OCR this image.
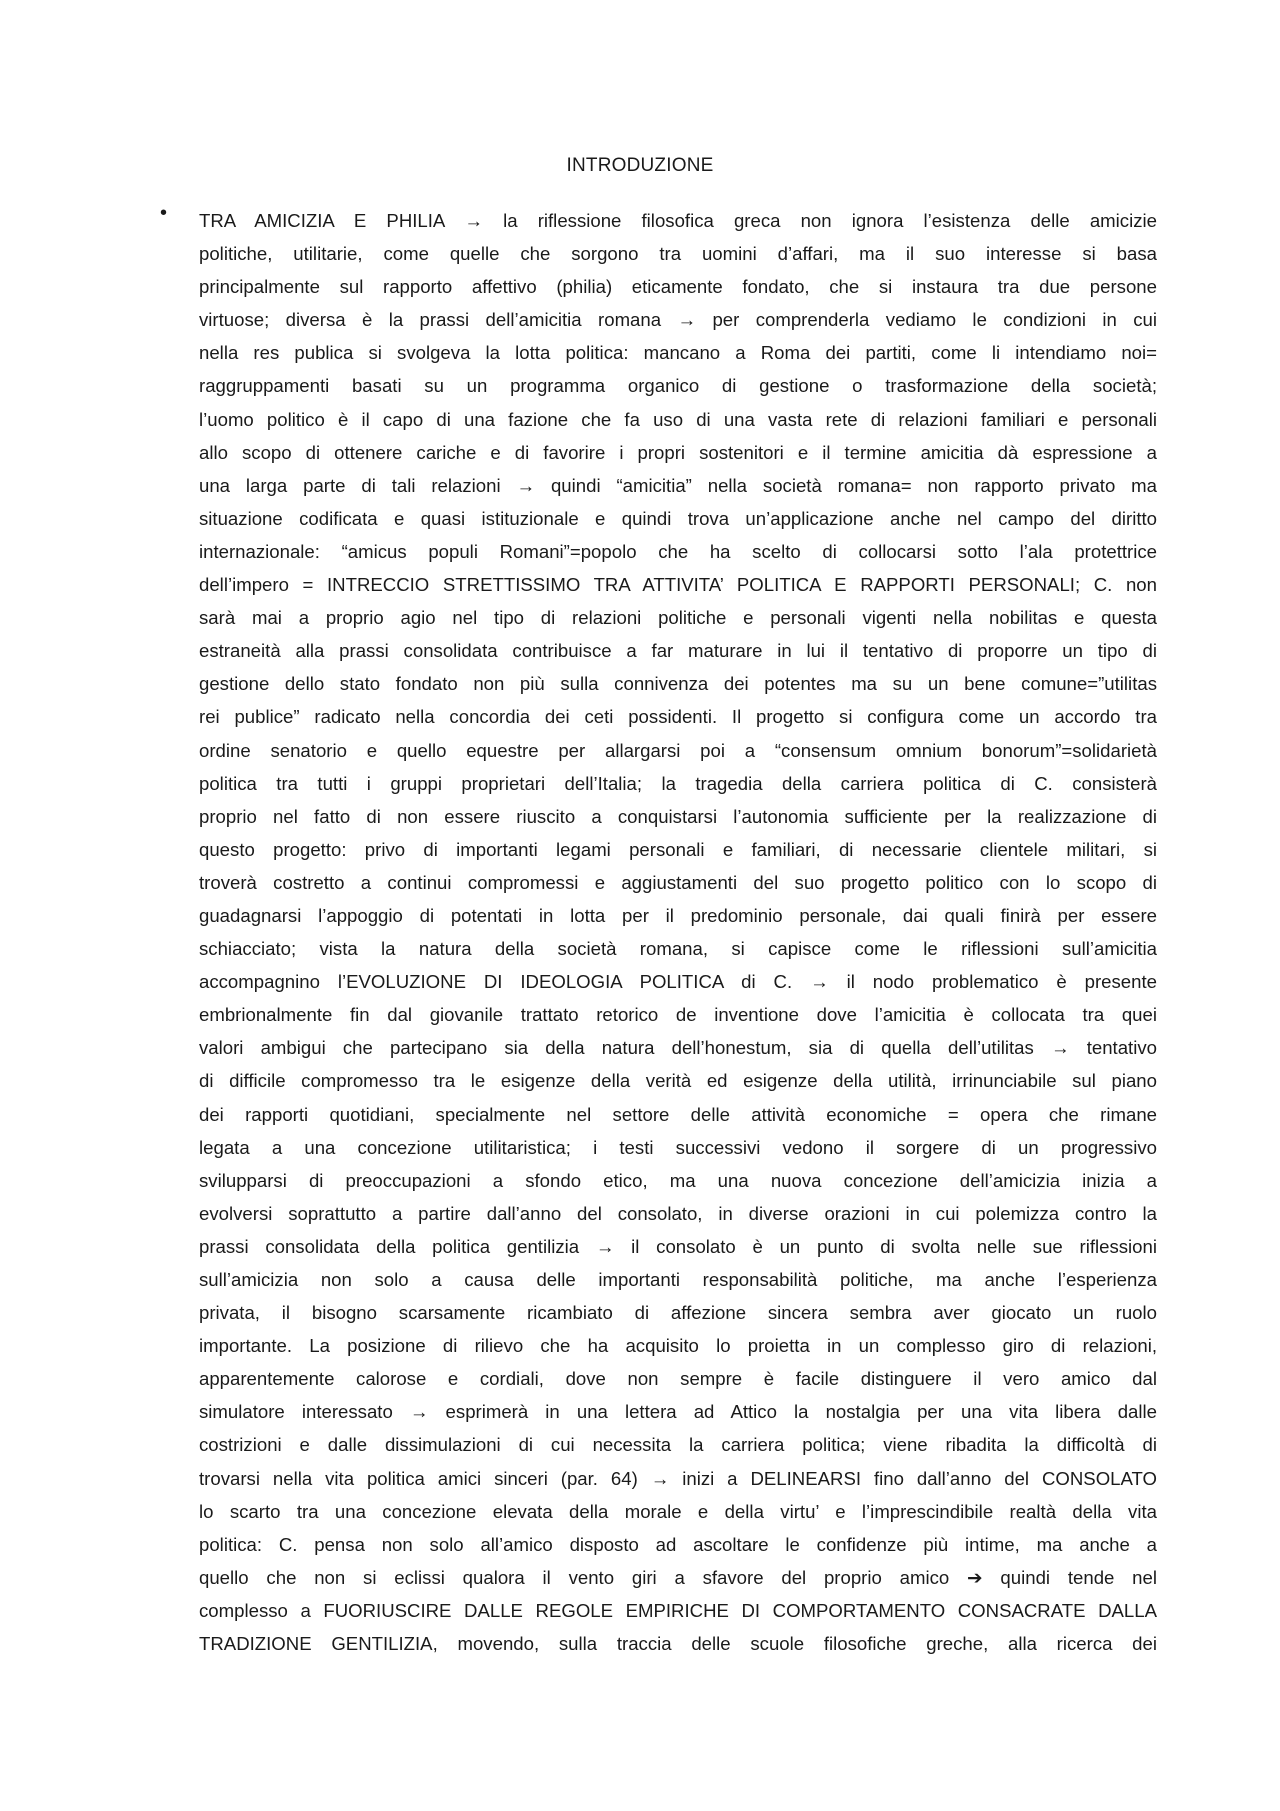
INTRODUZIONE
• TRA AMICIZIA E PHILIA → la riflessione filosofica greca non ignora l’esistenza delle amicizie
politiche, utilitarie, come quelle che sorgono tra uomini d’affari, ma il suo interesse si basa
principalmente sul rapporto affettivo (philia) eticamente fondato, che si instaura tra due persone
virtuose; diversa è la prassi dell’amicitia romana → per comprenderla vediamo le condizioni in cui
nella res publica si svolgeva la lotta politica: mancano a Roma dei partiti, come li intendiamo noi=
raggruppamenti basati su un programma organico di gestione o trasformazione della società;
l’uomo politico è il capo di una fazione che fa uso di una vasta rete di relazioni familiari e personali
allo scopo di ottenere cariche e di favorire i propri sostenitori e il termine amicitia dà espressione a
una larga parte di tali relazioni → quindi “amicitia” nella società romana= non rapporto privato ma
situazione codificata e quasi istituzionale e quindi trova un’applicazione anche nel campo del diritto
internazionale: “amicus populi Romani”=popolo che ha scelto di collocarsi sotto l’ala protettrice
dell’impero = INTRECCIO STRETTISSIMO TRA ATTIVITA’ POLITICA E RAPPORTI PERSONALI; C. non
sarà mai a proprio agio nel tipo di relazioni politiche e personali vigenti nella nobilitas e questa
estraneità alla prassi consolidata contribuisce a far maturare in lui il tentativo di proporre un tipo di
gestione dello stato fondato non più sulla connivenza dei potentes ma su un bene comune=”utilitas
rei publice” radicato nella concordia dei ceti possidenti. Il progetto si configura come un accordo tra
ordine senatorio e quello equestre per allargarsi poi a “consensum omnium bonorum”=solidarietà
politica tra tutti i gruppi proprietari dell’Italia; la tragedia della carriera politica di C. consisterà
proprio nel fatto di non essere riuscito a conquistarsi l’autonomia sufficiente per la realizzazione di
questo progetto: privo di importanti legami personali e familiari, di necessarie clientele militari, si
troverà costretto a continui compromessi e aggiustamenti del suo progetto politico con lo scopo di
guadagnarsi l’appoggio di potentati in lotta per il predominio personale, dai quali finirà per essere
schiacciato; vista la natura della società romana, si capisce come le riflessioni sull’amicitia
accompagnino l’EVOLUZIONE DI IDEOLOGIA POLITICA di C. → il nodo problematico è presente
embrionalmente fin dal giovanile trattato retorico de inventione dove l’amicitia è collocata tra quei
valori ambigui che partecipano sia della natura dell’honestum, sia di quella dell’utilitas → tentativo
di difficile compromesso tra le esigenze della verità ed esigenze della utilità, irrinunciabile sul piano
dei rapporti quotidiani, specialmente nel settore delle attività economiche = opera che rimane
legata a una concezione utilitaristica; i testi successivi vedono il sorgere di un progressivo
svilupparsi di preoccupazioni a sfondo etico, ma una nuova concezione dell’amicizia inizia a
evolversi soprattutto a partire dall’anno del consolato, in diverse orazioni in cui polemizza contro la
prassi consolidata della politica gentilizia → il consolato è un punto di svolta nelle sue riflessioni
sull’amicizia non solo a causa delle importanti responsabilità politiche, ma anche l’esperienza
privata, il bisogno scarsamente ricambiato di affezione sincera sembra aver giocato un ruolo
importante. La posizione di rilievo che ha acquisito lo proietta in un complesso giro di relazioni,
apparentemente calorose e cordiali, dove non sempre è facile distinguere il vero amico dal
simulatore interessato → esprimerà in una lettera ad Attico la nostalgia per una vita libera dalle
costrizioni e dalle dissimulazioni di cui necessita la carriera politica; viene ribadita la difficoltà di
trovarsi nella vita politica amici sinceri (par. 64) → inizi a DELINEARSI fino dall’anno del CONSOLATO
lo scarto tra una concezione elevata della morale e della virtu’ e l’imprescindibile realtà della vita
politica: C. pensa non solo all’amico disposto ad ascoltare le confidenze più intime, ma anche a
quello che non si eclissi qualora il vento giri a sfavore del proprio amico ➔ quindi tende nel
complesso a FUORIUSCIRE DALLE REGOLE EMPIRICHE DI COMPORTAMENTO CONSACRATE DALLA
TRADIZIONE GENTILIZIA, movendo, sulla traccia delle scuole filosofiche greche, alla ricerca dei
